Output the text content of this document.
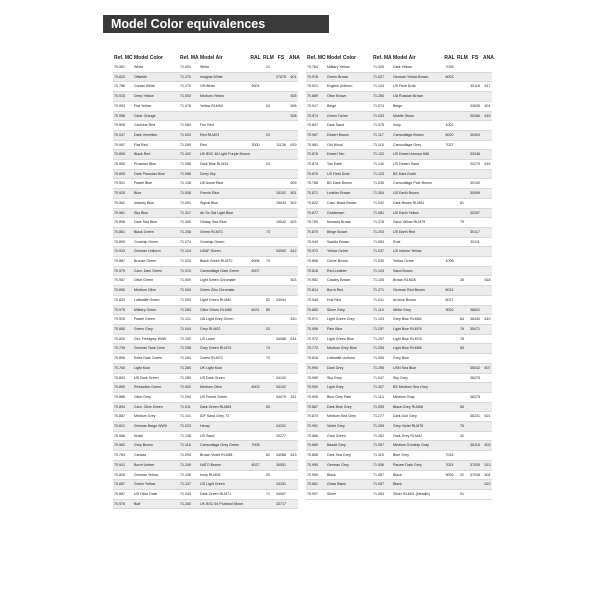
Model Color equivalences
Ref. MC	Model Color	Ref. MA	Model Air	RAL	RLM	FS	ANA
70.951	White	71.001	White		21		
70.820	Offwhite	71.270	Insignia White			37875	601
70.766	Cream White	71.270	Off-White	9001			
70.915	Deep Yellow	71.002	Medium Yellow				505
70.953	Flat Yellow	71.078	Yellow RLM04		04		506
70.956	Clear Orange						508
70.908	Carmine Red	71.084	Fire Red				
70.947	Dark Vermilion	71.003	Red RLM23		23		
70.957	Flat Red	71.269	Red	3000		11136	619
70.859	Black Red	71.402	UK BSC 48 Light Purple Brown				
70.965	Prussian Blue	71.286	Dark Blue RLM24		24		
70.899	Dark Prussian Blue	71.088	Deep Sky				
70.901	Pastel Blue	71.108	UK Azure Blue				609
70.925	Blue	71.008	French Blue			15102	501
70.962	Infantry Blue	71.091	Signal Blue			15044	502
70.961	Sky Blue	71.317	Air Sc Gal Light Blue				
70.898	Dark Sea Blue	71.309	Glossy Sea Blue			15042	623
70.861	Black Green	71.256	Green RLM73		73		
70.895	Gunship Green	71.274	Gunship Green				
70.923	German Uniform	71.124	USAF Green			34092	612
70.887	Bronze Green	71.025	Black Green RLM70	6006	70		
70.979	Cam. Dark Green	71.019	Camouflage Dark Green	6007			
70.967	Olive Green	71.009	Light Green Chromate				503
70.850	Medium Olive	71.094	Green Zinc Chromate				
70.823	Luftwaffe Green	71.003	Light Green RLM82		82	34094	
70.975	Military Green	71.283	Olive Green RLM80	6031	80		
70.925	Pastel Green	71.121	IJA Light Grey Green				610
70.880	Green Grey	71.044	Grey RLM02		02		
70.830	Ger. Fieldgrey WWII	71.192	US Loam			34086	614
70.739	German Tank Crew	71.258	Grey Green RLM74		74		
70.896	Extra Dark Green	71.263	Green RLM72		72		
70.760	Light Mud	71.284	UK Light Mud				
70.803	US Dark Green	71.289	US Dark Green			34102	
70.890	Refractive Green	71.092	Medium Olive	6003		34102	
70.888	Olive Grey	71.294	US Forest Green			34079	611
70.894	Cam. Olive Green	71.011	Dark Green RLM83		83		
70.887	Medium Grey	71.141	IDF Sand Grey 73				
70.821	German Beige WWII	71.023	Hemp			34201	
70.988	Khaki	71.138	US Sand			30277	
70.982	Grey Brown	71.116	Camouflage Grey Green	7008			
70.763	Canvas	71.294	Brown Violet RLM81		81	34088	613
70.941	Burnt Umber	71.249	NATO Brown	8027		30051	
70.806	German Yellow	71.106	Ivory RLM05		05		
70.857	Green Yellow	71.137	US Light Green			34151	
70.887	US Olive Drab	71.043	Dark Green RLM71		71	34087	
70.976	Buff	71.260	UK BSC 64 Portland Stone			33717	
Ref. MC	Model Color	Ref. MA	Model Air	RAL	RLM	FS	ANA
70.764	Military Yellow	71.025	Dark Yellow	7028			
70.978	Green Brown	71.027	German Yellow Brown	6003			
70.921	English Uniform	71.124	US Field Drab			30118	617
70.889	Olive Brown	71.280	IJA Russian Brown				
70.917	Beige	71.074	Beige			33695	501
70.974	Green Ochre	71.033	Middle Stone			30266	615
70.847	Dark Sand	71.075	Ivory	1001			
70.967	Desert Brown	71.117	Camouflage Brown	8020		30400	
70.981	Old Wood	71.118	Camouflage Grey	7027			
70.876	Desert Tan	71.122	US Desert Armour 686			33446	
70.874	Tan Earth	71.140	US Desert Sand			30279	616
70.875	US Field Drab	71.123	BS Dark Earth				
70.766	BC Dark Brown	71.035	Camouflage Pale Brown			30140	
70.871	Leather Brown	71.304	US Earth Brown			30099	
70.822	Cam. Black Brown	71.042	Dark Brown RLM61		61		
70.877	Goldbrown	71.081	US Earth Yellow			30257	
70.769	Mustard Brown	71.278	Sand Yellow RLM79		79		
70.875	Beige Brown	71.293	US Earth Red			30117	
70.940	Saddle Brown	71.083	Rust			30111	
70.973	Yellow Ochre	71.037	US Interior Yellow				
70.856	Ochre Brown	71.030	Yellow Ochre	1006			
70.818	Red Leather	71.104	Sand Brown				
70.982	Cavalry Brown	71.105	Brown RLM26		26		618
70.814	Burnt Red	71.271	German Red Brown	8012			
70.945	Hull Red	71.041	Armour Brown	8017			
70.883	Silver Grey	71.119	White Grey	9002		36622	
70.971	Light Green Grey	71.103	Grey Blue RLM84		84	36440	610
70.906	Pale Blue	71.257	Light Blue RLM76		76	35471	
70.972	Light Green Blue	71.257	Light Blue RLM78		78		
70.773	Medium Grey Blue	71.255	Light Blue RLM65		65		
70.816	Luftwaffe Uniform	71.005	Grey Blue				
70.994	Dark Grey	71.295	USN Sea Blue			35042	607
70.989	Sky Grey	71.047	Sky Grey			36375	
70.990	Light Grey	71.307	BS Medium Sea Grey				
70.905	Blue Grey Pale	71.114	Medium Gray			36375	
70.867	Dark Blue Grey	71.055	Black Grey RLM66		66		
70.870	Medium Sea Grey	71.277	Dark Gull Grey			36231	621
70.991	Violet Grey	71.259	Grey Violet RLM75		75		
70.866	Grey Green	71.262	Dark Grey RLM42		42		
70.869	Basalt Grey	71.097	Medium Gunship Gray			36118	603
70.868	Dark Sea Grey	71.115	Blue Grey	7016			
70.995	German Grey	71.056	Panzer Dark Grey	7021		37030	513
70.950	Black	71.057	Black	9005	22	37038	604
70.861	Gloss Black	71.057	Black				622
70.997	Silver	71.063	Silver RLM01 (Metallic)		01		
